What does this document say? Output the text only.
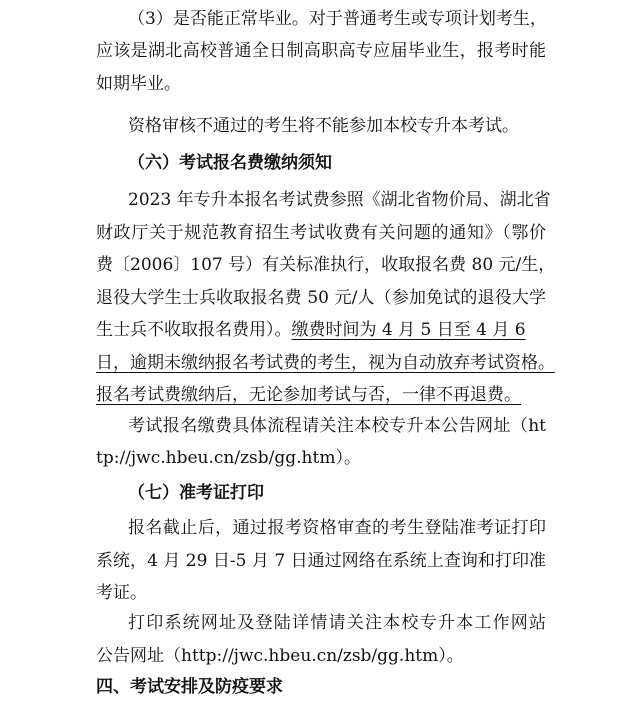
（3）是否能正常毕业。对于普通考生或专项计划考生，
应该是湖北高校普通全日制高职高专应届毕业生，报考时能
如期毕业。
资格审核不通过的考生将不能参加本校专升本考试。
（六）考试报名费缴纳须知
2023 年专升本报名考试费参照《湖北省物价局、湖北省
财政厅关于规范教育招生考试收费有关问题的通知》（鄂价
费〔2006〕107 号）有关标准执行，收取报名费 80 元/生，
退役大学生士兵收取报名费 50 元/人（参加免试的退役大学
生士兵不收取报名费用）。缴费时间为 4 月 5 日至 4 月 6
日，逾期未缴纳报名考试费的考生，视为自动放弃考试资格。
报名考试费缴纳后，无论参加考试与否，一律不再退费。
考试报名缴费具体流程请关注本校专升本公告网址（ht
tp://jwc.hbeu.cn/zsb/gg.htm）。
（七）准考证打印
报名截止后，通过报考资格审查的考生登陆准考证打印
系统，4 月 29 日-5 月 7 日通过网络在系统上查询和打印准
考证。
打印系统网址及登陆详情请关注本校专升本工作网站
公告网址（http://jwc.hbeu.cn/zsb/gg.htm）。
四、考试安排及防疫要求
